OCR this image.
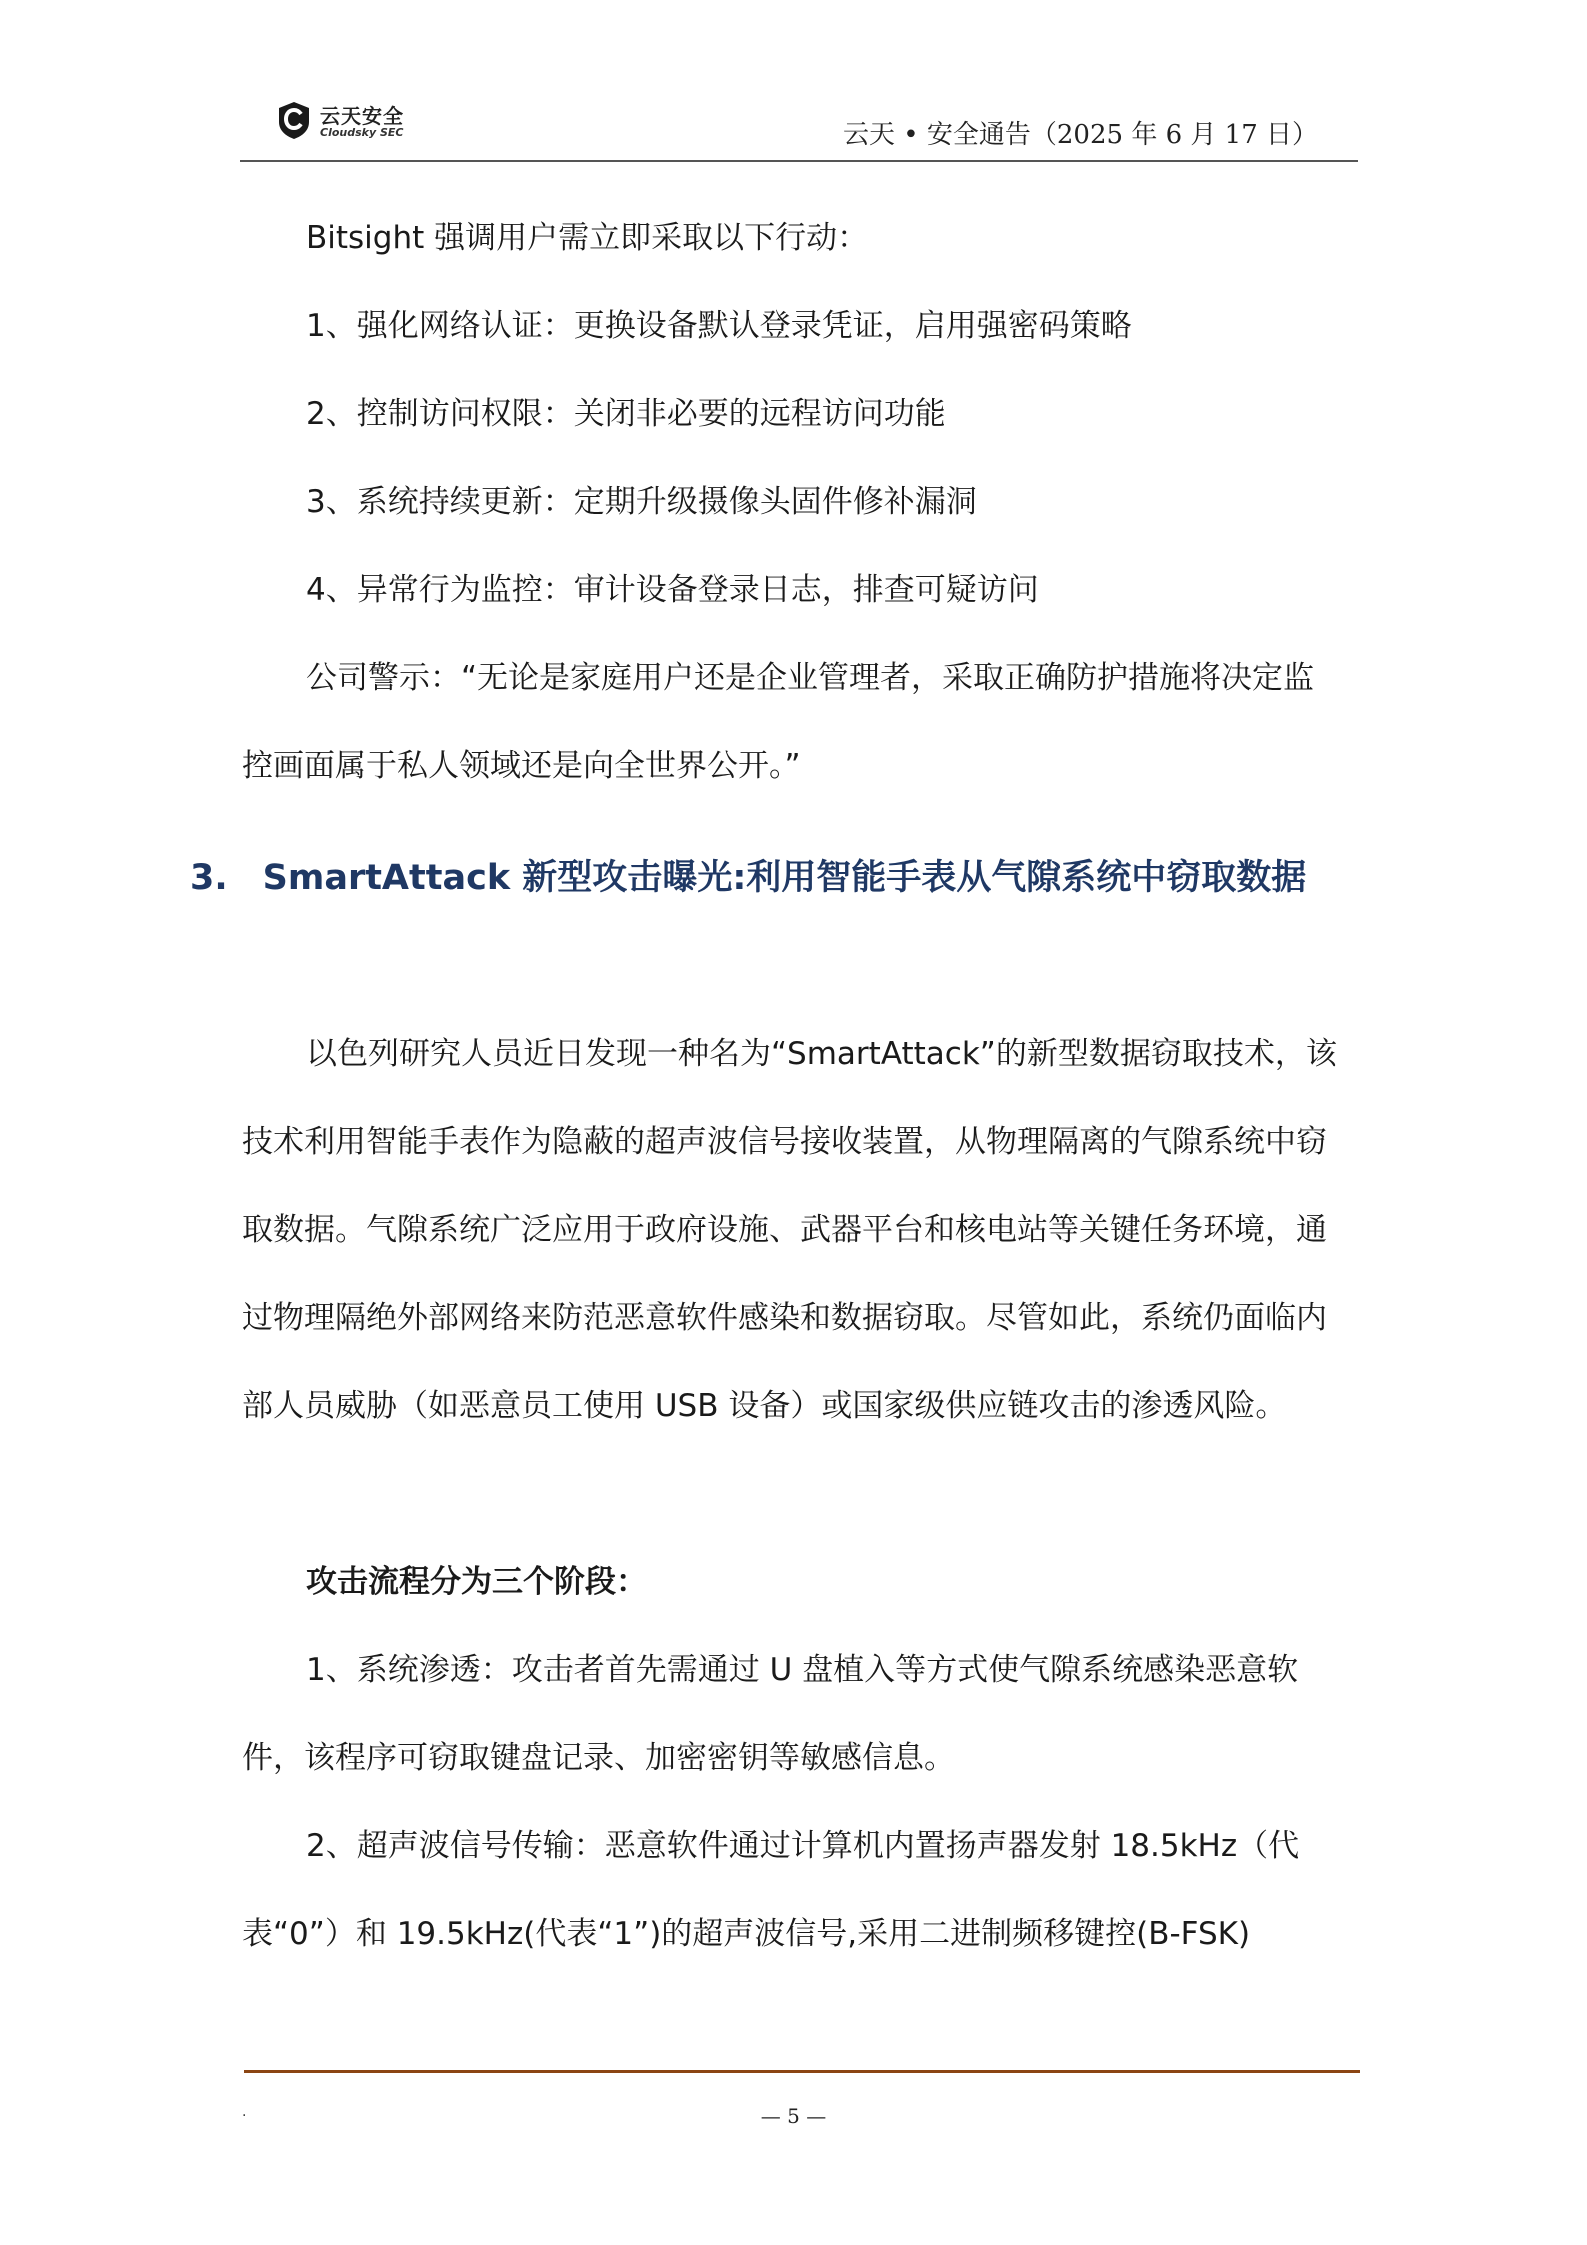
云天安全
Cloudsky SEC	云天 • 安全通告（2025 年 6 月 17 日）
Bitsight 强调用户需立即采取以下行动：
1、强化网络认证：更换设备默认登录凭证，启用强密码策略
2、控制访问权限：关闭非必要的远程访问功能
3、系统持续更新：定期升级摄像头固件修补漏洞
4、异常行为监控：审计设备登录日志，排查可疑访问
公司警示：“无论是家庭用户还是企业管理者，采取正确防护措施将决定监控画面属于私人领域还是向全世界公开。”
3.　SmartAttack 新型攻击曝光:利用智能手表从气隙系统中窃取数据
以色列研究人员近日发现一种名为“SmartAttack”的新型数据窃取技术，该技术利用智能手表作为隐蔽的超声波信号接收装置，从物理隔离的气隙系统中窃取数据。气隙系统广泛应用于政府设施、武器平台和核电站等关键任务环境，通过物理隔绝外部网络来防范恶意软件感染和数据窃取。尽管如此，系统仍面临内部人员威胁（如恶意员工使用 USB 设备）或国家级供应链攻击的渗透风险。
攻击流程分为三个阶段：
1、系统渗透：攻击者首先需通过 U 盘植入等方式使气隙系统感染恶意软件，该程序可窃取键盘记录、加密密钥等敏感信息。
2、超声波信号传输：恶意软件通过计算机内置扬声器发射 18.5kHz（代表“0”）和 19.5kHz(代表“1”)的超声波信号,采用二进制频移键控(B-FSK)
.	— 5 —
